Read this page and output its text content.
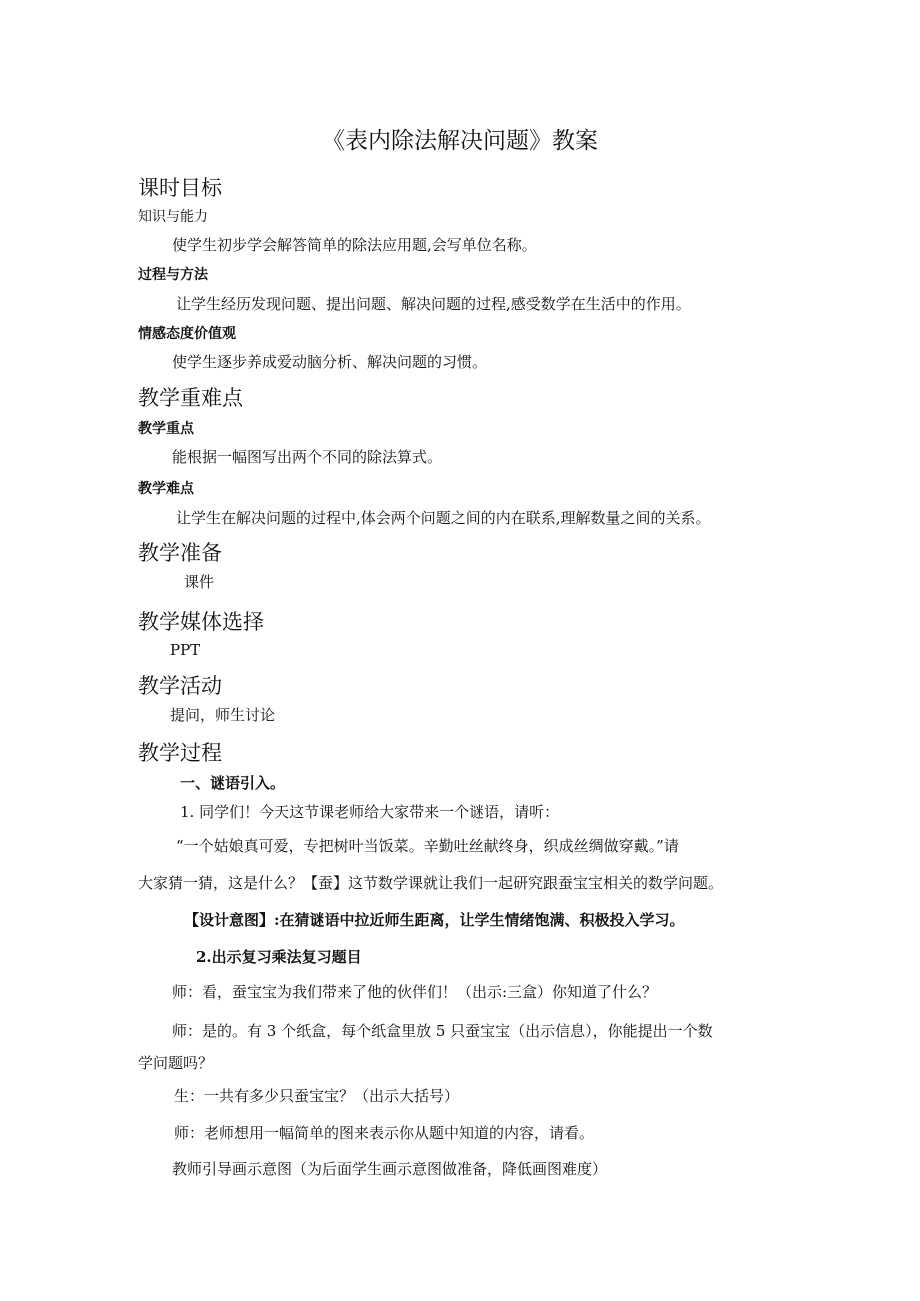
《表内除法解决问题》教案
课时目标
知识与能力
使学生初步学会解答简单的除法应用题,会写单位名称。
过程与方法
让学生经历发现问题、提出问题、解决问题的过程,感受数学在生活中的作用。
情感态度价值观
使学生逐步养成爱动脑分析、解决问题的习惯。
教学重难点
教学重点
能根据一幅图写出两个不同的除法算式。
教学难点
让学生在解决问题的过程中,体会两个问题之间的内在联系,理解数量之间的关系。
教学准备
课件
教学媒体选择
PPT
教学活动
提问，师生讨论
教学过程
一、谜语引入。
1. 同学们！今天这节课老师给大家带来一个谜语，请听：
“一个姑娘真可爱，专把树叶当饭菜。辛勤吐丝献终身，织成丝绸做穿戴。”请
大家猜一猜，这是什么？【蚕】这节数学课就让我们一起研究跟蚕宝宝相关的数学问题。
【设计意图】:在猜谜语中拉近师生距离，让学生情绪饱满、积极投入学习。
2.出示复习乘法复习题目
师：看，蚕宝宝为我们带来了他的伙伴们！（出示:三盒）你知道了什么？
师：是的。有 3 个纸盒，每个纸盒里放 5 只蚕宝宝（出示信息），你能提出一个数
学问题吗？
生：一共有多少只蚕宝宝？（出示大括号）
师：老师想用一幅简单的图来表示你从题中知道的内容，请看。
教师引导画示意图（为后面学生画示意图做准备，降低画图难度）
